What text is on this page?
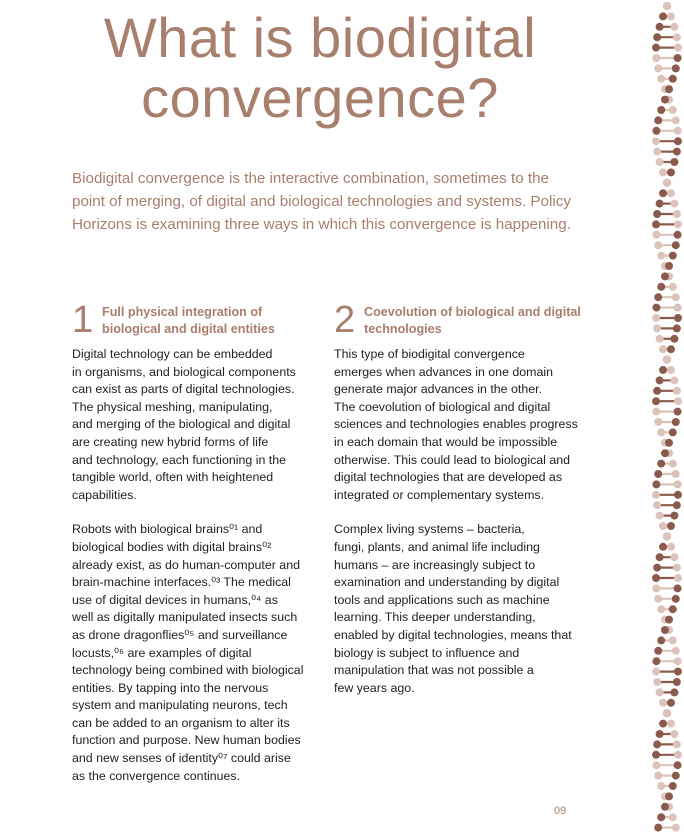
What is biodigital
convergence?

Biodigital convergence is the interactive combination, sometimes to the point of merging, of digital and biological technologies and systems. Policy Horizons is examining three ways in which this convergence is happening.

1 Full physical integration of biological and digital entities

Digital technology can be embedded
in organisms, and biological components
can exist as parts of digital technologies.
The physical meshing, manipulating,
and merging of the biological and digital
are creating new hybrid forms of life
and technology, each functioning in the
tangible world, often with heightened
capabilities.

Robots with biological brains⁰¹ and
biological bodies with digital brains⁰²
already exist, as do human-computer and
brain-machine interfaces.⁰³ The medical
use of digital devices in humans,⁰⁴ as
well as digitally manipulated insects such
as drone dragonflies⁰⁵ and surveillance
locusts,⁰⁶ are examples of digital
technology being combined with biological
entities. By tapping into the nervous
system and manipulating neurons, tech
can be added to an organism to alter its
function and purpose. New human bodies
and new senses of identity⁰⁷ could arise
as the convergence continues.

2 Coevolution of biological and digital technologies

This type of biodigital convergence
emerges when advances in one domain
generate major advances in the other.
The coevolution of biological and digital
sciences and technologies enables progress
in each domain that would be impossible
otherwise. This could lead to biological and
digital technologies that are developed as
integrated or complementary systems.

Complex living systems – bacteria,
fungi, plants, and animal life including
humans – are increasingly subject to
examination and understanding by digital
tools and applications such as machine
learning. This deeper understanding,
enabled by digital technologies, means that
biology is subject to influence and
manipulation that was not possible a
few years ago.

09
